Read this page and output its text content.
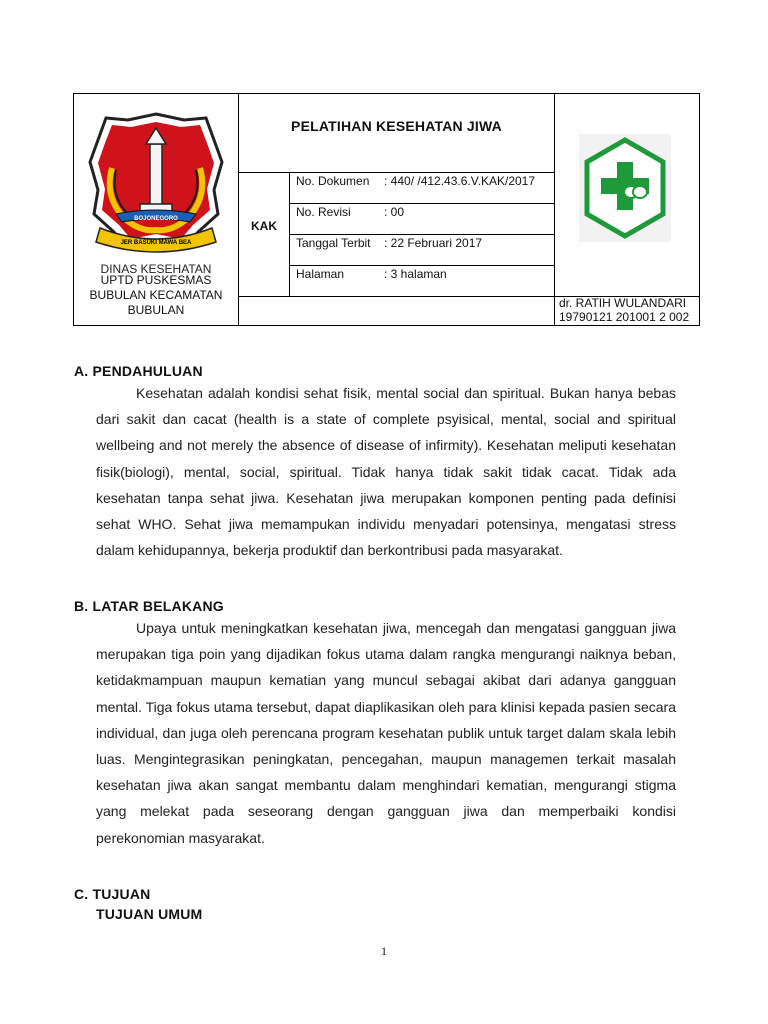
BOJONEGORO
JER BASUKI MAWA BEA
DINAS KESEHATAN
UPTD PUSKESMAS
BUBULAN KECAMATAN
BUBULAN
PELATIHAN KESEHATAN JIWA
KAK
No. Dokumen : 440/ /412.43.6.V.KAK/2017
No. Revisi	: 00
Tanggal Terbit : 22 Februari 2017
Halaman	: 3 halaman
dr. RATIH WULANDARI
19790121 201001 2 002
A. PENDAHULUAN
Kesehatan adalah kondisi sehat fisik, mental social dan spiritual. Bukan hanya bebas dari sakit dan cacat (health is a state of complete psyisical, mental, social and spiritual wellbeing and not merely the absence of disease of infirmity). Kesehatan meliputi kesehatan fisik(biologi), mental, social, spiritual. Tidak hanya tidak sakit tidak cacat. Tidak ada kesehatan tanpa sehat jiwa. Kesehatan jiwa merupakan komponen penting pada definisi sehat WHO. Sehat jiwa memampukan individu menyadari potensinya, mengatasi stress dalam kehidupannya, bekerja produktif dan berkontribusi pada masyarakat.
B. LATAR BELAKANG
Upaya untuk meningkatkan kesehatan jiwa, mencegah dan mengatasi gangguan jiwa merupakan tiga poin yang dijadikan fokus utama dalam rangka mengurangi naiknya beban, ketidakmampuan maupun kematian yang muncul sebagai akibat dari adanya gangguan mental. Tiga fokus utama tersebut, dapat diaplikasikan oleh para klinisi kepada pasien secara individual, dan juga oleh perencana program kesehatan publik untuk target dalam skala lebih luas. Mengintegrasikan peningkatan, pencegahan, maupun managemen terkait masalah kesehatan jiwa akan sangat membantu dalam menghindari kematian, mengurangi stigma yang melekat pada seseorang dengan gangguan jiwa dan memperbaiki kondisi perekonomian masyarakat.
C. TUJUAN
TUJUAN UMUM
1
